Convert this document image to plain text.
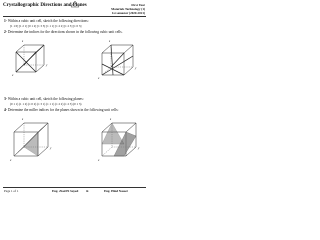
Crystallographic Directions and Planes	First Year
Materials Technology (1)
1st semester (2020-2021)
1- Within a cubic unit cell, sketch the following directions:
[1 1 0] [1 2 1] [0 1 2] [1 3 3] [1 1 1] [1 2 2] [1 2 3] [1 0 3]
2- Determine the indices for the directions shown in the following cubic unit cells.
x
y
z
x
y
z
3- Within a cubic unit cell, sketch the following planes:
(0 1 1) (1 1 2) (1 0 2) (1 3 1) (1 1 1) (1 2 2) (1 2 3) (0 1 3)
4- Determine the miller indices for the planes shown in the following unit cells:
x
y
z
x
y
z
Page 1 of 1	Eng. Ziad El Sayed &	Eng. Hind Nasser
